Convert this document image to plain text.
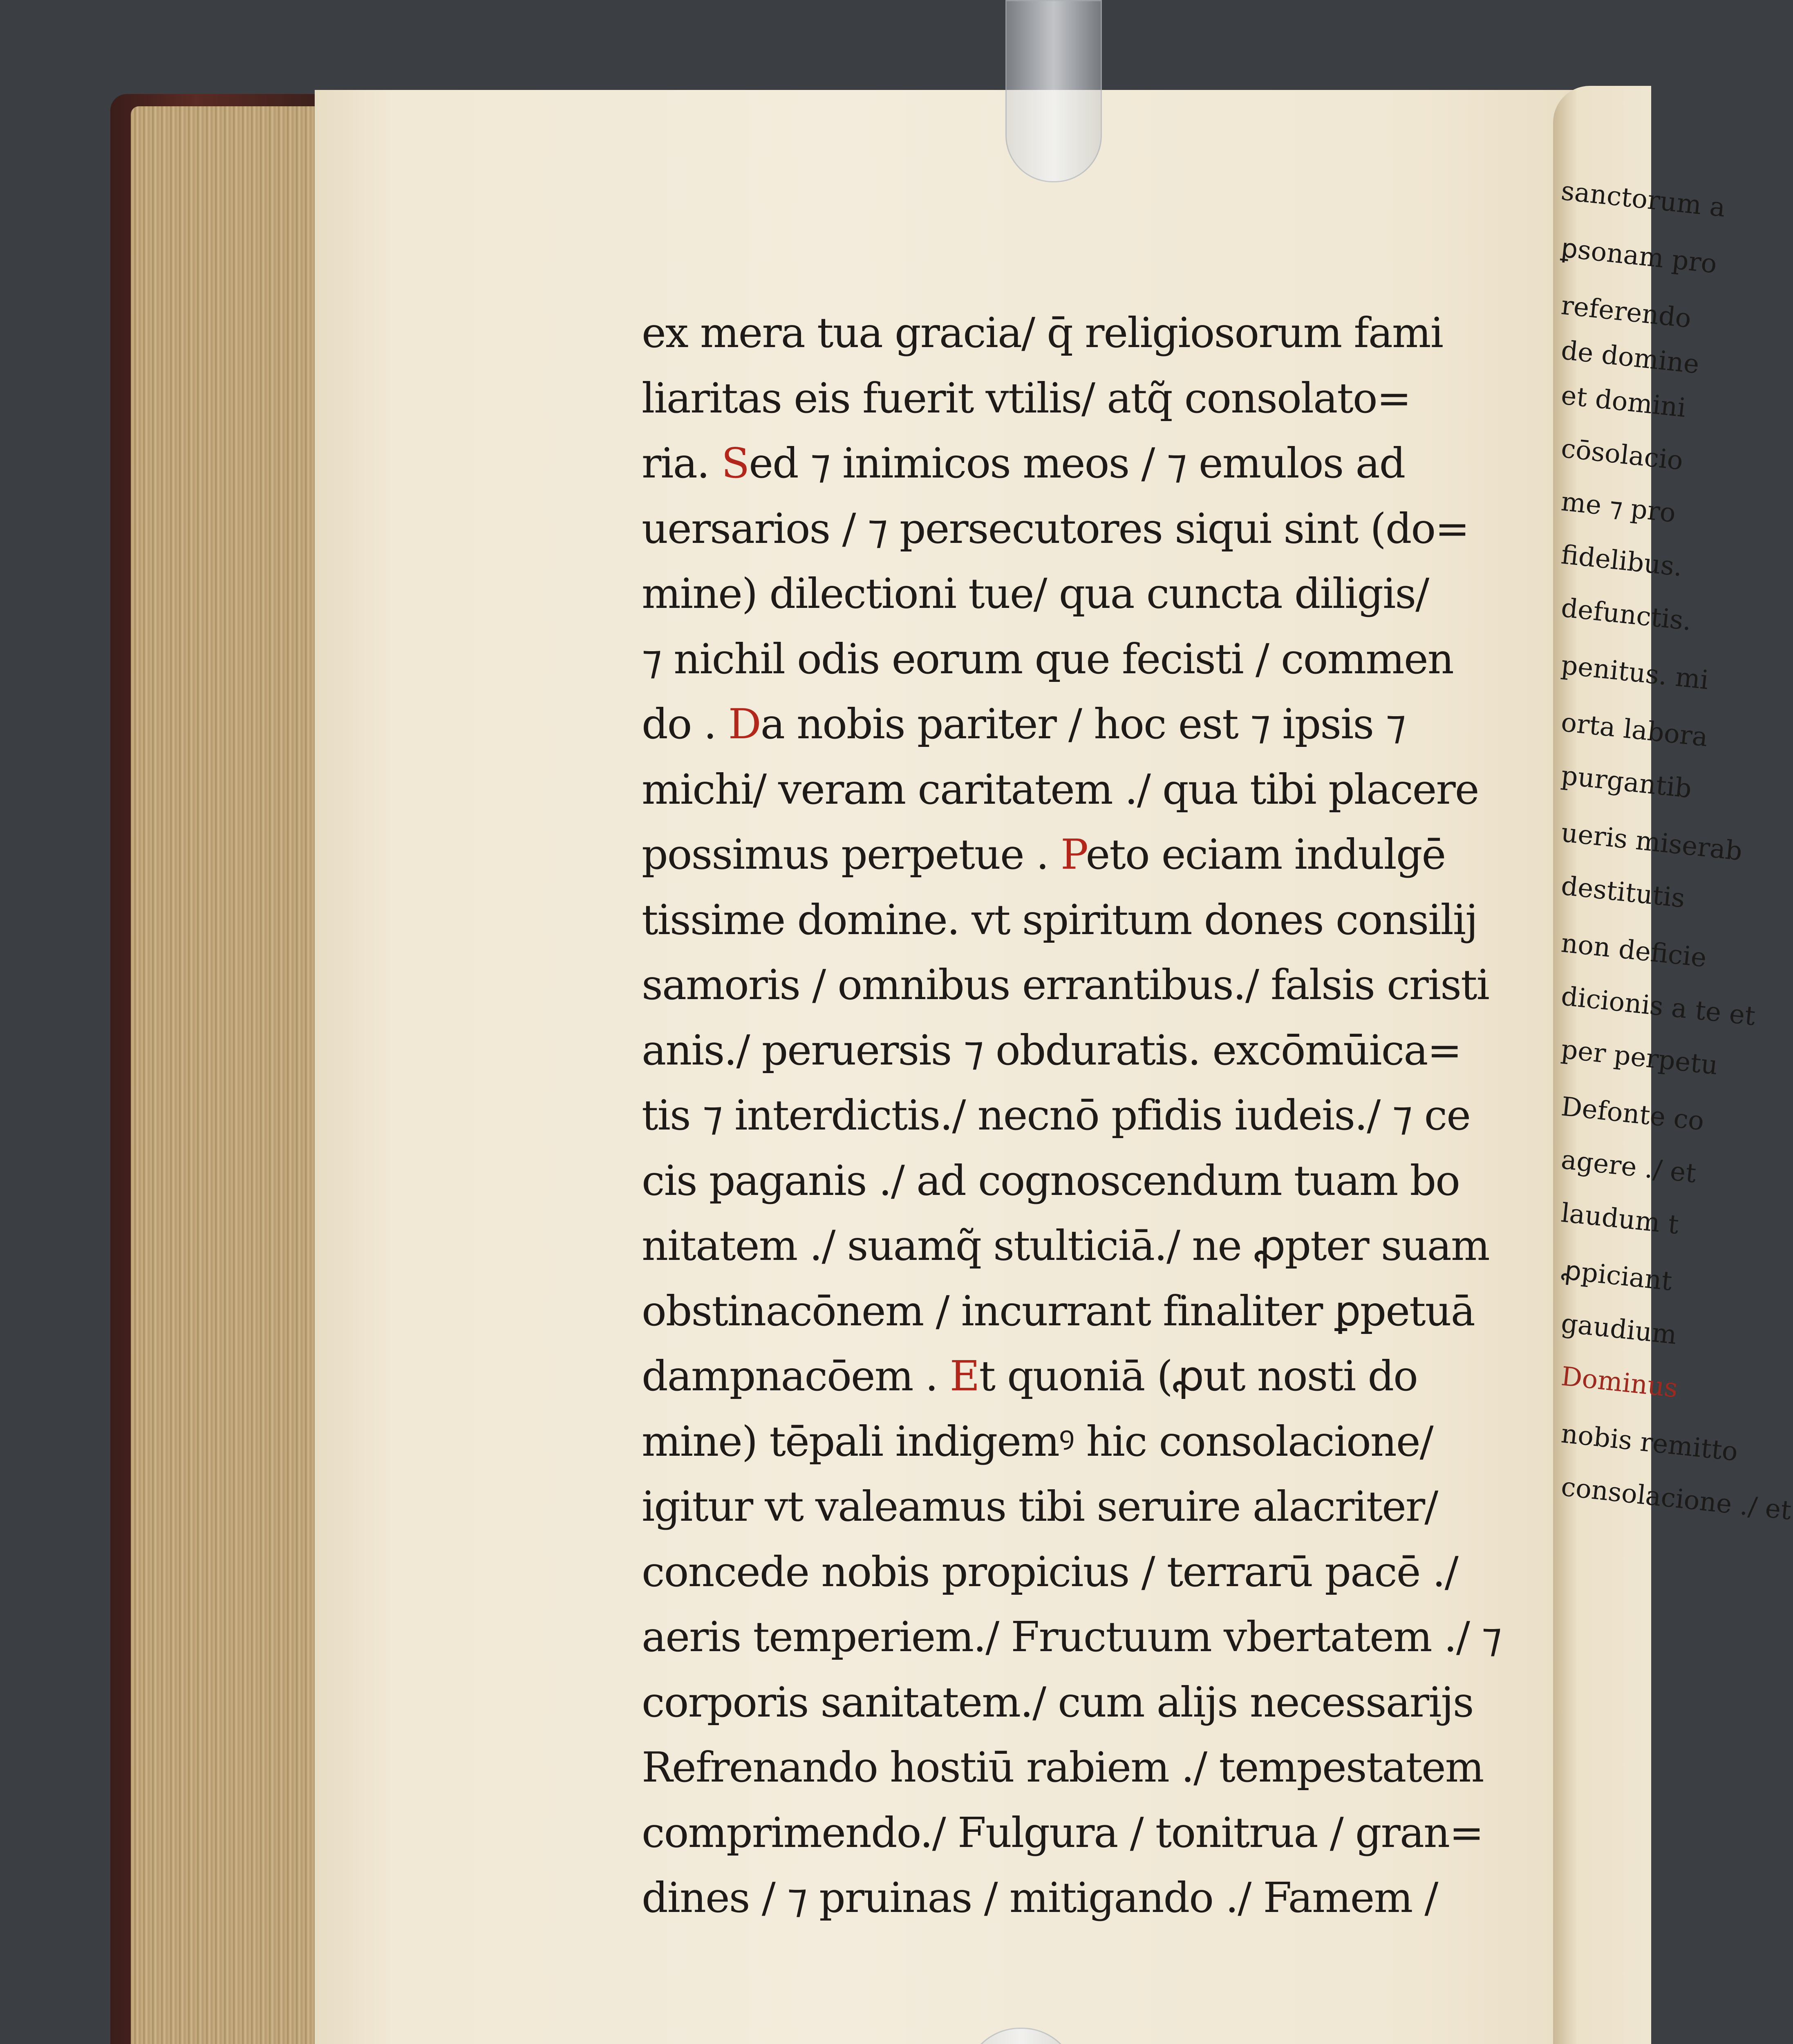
ex mera tua gracia/ q̄ religiosorum fami
liaritas eis fuerit vtilis/ atq̃ consolato=
ria. Sed ⁊ inimicos meos / ⁊ emulos ad
uersarios / ⁊ persecutores siqui sint (do=
mine) dilectioni tue/ qua cuncta diligis/
⁊ nichil odis eorum que fecisti / commen
do . Da nobis pariter / hoc est ⁊ ipsis ⁊
michi/ veram caritatem ./ qua tibi placere
possimus perpetue . Peto eciam indulgē
tissime domine. vt spiritum dones consilij
samoris / omnibus errantibus./ falsis cristi
anis./ peruersis ⁊ obduratis. excōmūica=
tis ⁊ interdictis./ necnō pfidis iudeis./ ⁊ ce
cis paganis ./ ad cognoscendum tuam bo
nitatem ./ suamq̃ stulticiā./ ne ꝓpter suam
obstinacōnem / incurrant finaliter ꝑpetuā
dampnacōem . Et quoniā (ꝓut nosti do
mine) tēpali indigemꝰ hic consolacione/
igitur vt valeamus tibi seruire alacriter/
concede nobis propicius / terrarū pacē ./
aeris temperiem./ Fructuum vbertatem ./ ⁊
corporis sanitatem./ cum alijs necessarijs
Refrenando hostiū rabiem ./ tempestatem
comprimendo./ Fulgura / tonitrua / gran=
dines / ⁊ pruinas / mitigando ./ Famem /
sanctorum a
ꝑsonam pro
referendo
de domine
et domini
cōsolacio
me ⁊ pro
fidelibus.
defunctis.
penitus. mi
orta labora
purgantib
ueris miserab
destitutis
non deficie
dicionis a te et
per perpetu
Defonte co
agere ./ et
laudum t
ꝓpiciant
gaudium
Dominus
nobis remitto
consolacione ./ et
